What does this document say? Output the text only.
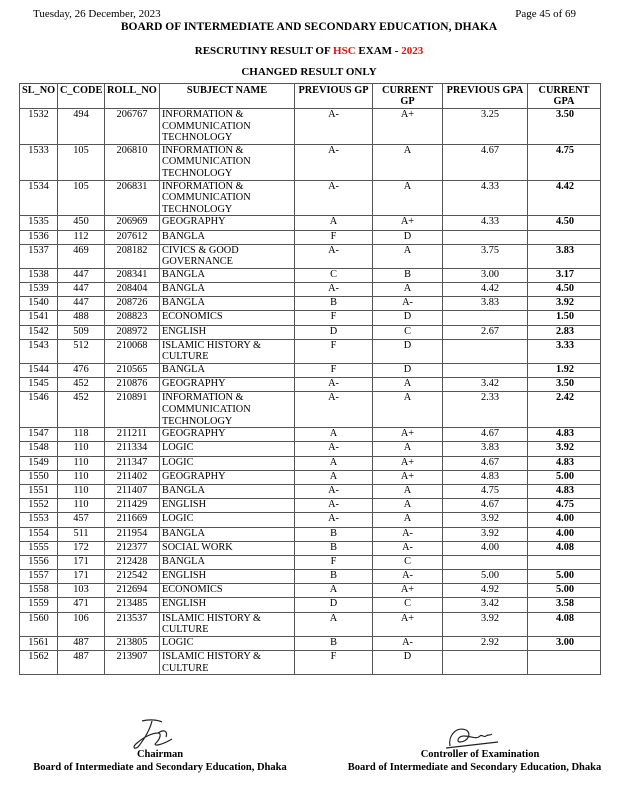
Tuesday, 26 December, 2023	Page 45 of 69
BOARD OF INTERMEDIATE AND SECONDARY EDUCATION, DHAKA
RESCRUTINY RESULT OF HSC EXAM - 2023
CHANGED RESULT ONLY
SL_NO	C_CODE	ROLL_NO	SUBJECT NAME	PREVIOUS GP	CURRENT GP	PREVIOUS GPA	CURRENT GPA
1532	494	206767	INFORMATION & COMMUNICATION TECHNOLOGY	A-	A+	3.25	3.50
1533	105	206810	INFORMATION & COMMUNICATION TECHNOLOGY	A-	A	4.67	4.75
1534	105	206831	INFORMATION & COMMUNICATION TECHNOLOGY	A-	A	4.33	4.42
1535	450	206969	GEOGRAPHY	A	A+	4.33	4.50
1536	112	207612	BANGLA	F	D		
1537	469	208182	CIVICS & GOOD GOVERNANCE	A-	A	3.75	3.83
1538	447	208341	BANGLA	C	B	3.00	3.17
1539	447	208404	BANGLA	A-	A	4.42	4.50
1540	447	208726	BANGLA	B	A-	3.83	3.92
1541	488	208823	ECONOMICS	F	D		1.50
1542	509	208972	ENGLISH	D	C	2.67	2.83
1543	512	210068	ISLAMIC HISTORY & CULTURE	F	D		3.33
1544	476	210565	BANGLA	F	D		1.92
1545	452	210876	GEOGRAPHY	A-	A	3.42	3.50
1546	452	210891	INFORMATION & COMMUNICATION TECHNOLOGY	A-	A	2.33	2.42
1547	118	211211	GEOGRAPHY	A	A+	4.67	4.83
1548	110	211334	LOGIC	A-	A	3.83	3.92
1549	110	211347	LOGIC	A	A+	4.67	4.83
1550	110	211402	GEOGRAPHY	A	A+	4.83	5.00
1551	110	211407	BANGLA	A-	A	4.75	4.83
1552	110	211429	ENGLISH	A-	A	4.67	4.75
1553	457	211669	LOGIC	A-	A	3.92	4.00
1554	511	211954	BANGLA	B	A-	3.92	4.00
1555	172	212377	SOCIAL WORK	B	A-	4.00	4.08
1556	171	212428	BANGLA	F	C		
1557	171	212542	ENGLISH	B	A-	5.00	5.00
1558	103	212694	ECONOMICS	A	A+	4.92	5.00
1559	471	213485	ENGLISH	D	C	3.42	3.58
1560	106	213537	ISLAMIC HISTORY & CULTURE	A	A+	3.92	4.08
1561	487	213805	LOGIC	B	A-	2.92	3.00
1562	487	213907	ISLAMIC HISTORY & CULTURE	F	D		
Chairman
Board of Intermediate and Secondary Education, Dhaka
Controller of Examination
Board of Intermediate and Secondary Education, Dhaka
